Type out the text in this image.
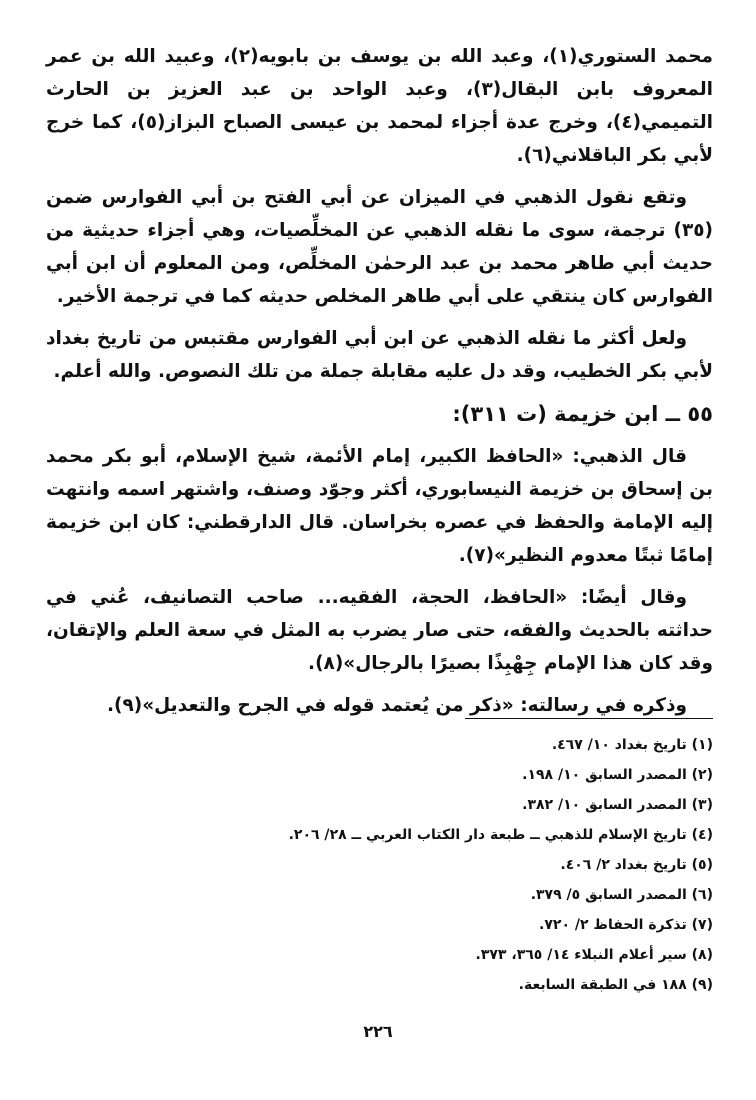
محمد الستوري(١)، وعبد الله بن يوسف بن بابويه(٢)، وعبيد الله بن عمر المعروف بابن البقال(٣)، وعبد الواحد بن عبد العزيز بن الحارث التميمي(٤)، وخرج عدة أجزاء لمحمد بن عيسى الصباح البزاز(٥)، كما خرج لأبي بكر الباقلاني(٦).

وتقع نقول الذهبي في الميزان عن أبي الفتح بن أبي الفوارس ضمن (٣٥) ترجمة، سوى ما نقله الذهبي عن المخلِّصيات، وهي أجزاء حديثية من حديث أبي طاهر محمد بن عبد الرحمٰن المخلِّص، ومن المعلوم أن ابن أبي الفوارس كان ينتقي على أبي طاهر المخلص حديثه كما في ترجمة الأخير.

ولعل أكثر ما نقله الذهبي عن ابن أبي الفوارس مقتبس من تاريخ بغداد لأبي بكر الخطيب، وقد دل عليه مقابلة جملة من تلك النصوص. والله أعلم.

٥٥ ــ ابن خزيمة (ت ٣١١):

قال الذهبي: «الحافظ الكبير، إمام الأئمة، شيخ الإسلام، أبو بكر محمد بن إسحاق بن خزيمة النيسابوري، أكثر وجوّد وصنف، واشتهر اسمه وانتهت إليه الإمامة والحفظ في عصره بخراسان. قال الدارقطني: كان ابن خزيمة إمامًا ثبتًا معدوم النظير»(٧).

وقال أيضًا: «الحافظ، الحجة، الفقيه... صاحب التصانيف، عُني في حداثته بالحديث والفقه، حتى صار يضرب به المثل في سعة العلم والإتقان، وقد كان هذا الإمام جِهْبِذًا بصيرًا بالرجال»(٨).

وذكره في رسالته: «ذكر من يُعتمد قوله في الجرح والتعديل»(٩).

(١) تاريخ بغداد ١٠/ ٤٦٧.
(٢) المصدر السابق ١٠/ ١٩٨.
(٣) المصدر السابق ١٠/ ٣٨٢.
(٤) تاريخ الإسلام للذهبي ــ طبعة دار الكتاب العربي ــ ٢٨/ ٢٠٦.
(٥) تاريخ بغداد ٢/ ٤٠٦.
(٦) المصدر السابق ٥/ ٣٧٩.
(٧) تذكرة الحفاظ ٢/ ٧٢٠.
(٨) سير أعلام النبلاء ١٤/ ٣٦٥، ٣٧٣.
(٩) ١٨٨ في الطبقة السابعة.
٢٢٦
